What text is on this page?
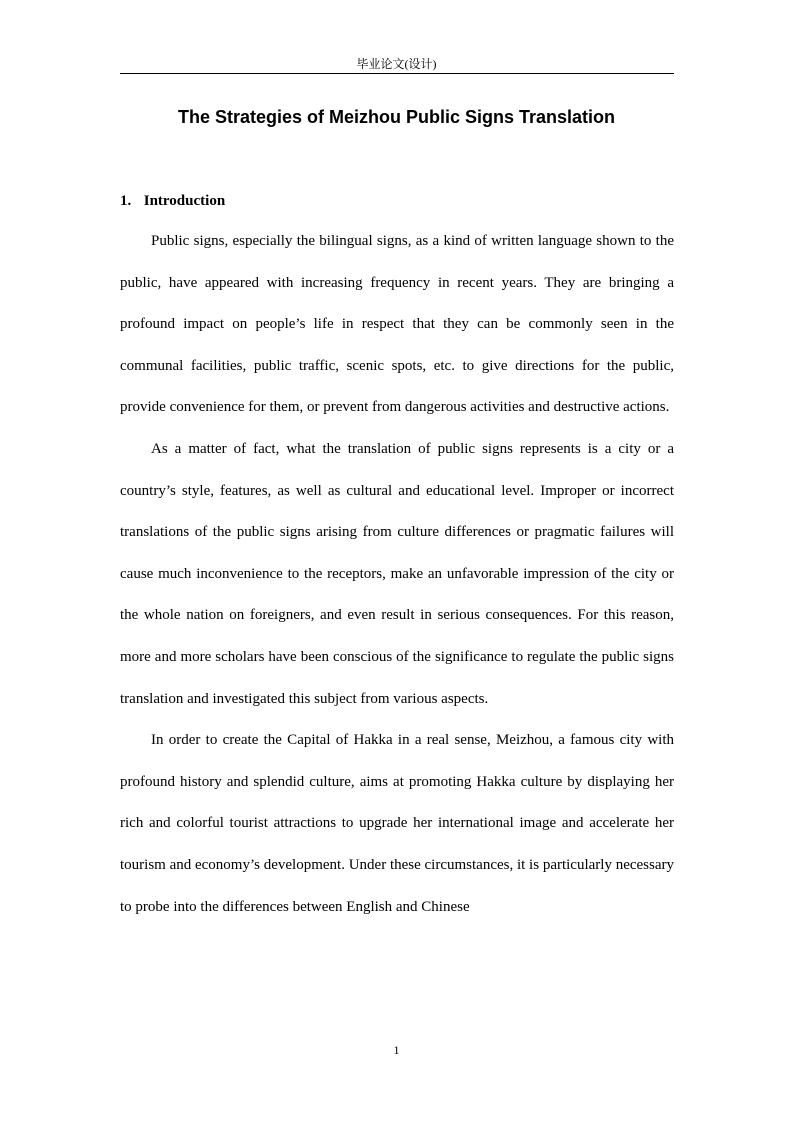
毕业论文(设计)
The Strategies of Meizhou Public Signs Translation
1. Introduction

Public signs, especially the bilingual signs, as a kind of written language shown to the public, have appeared with increasing frequency in recent years. They are bringing a profound impact on people’s life in respect that they can be commonly seen in the communal facilities, public traffic, scenic spots, etc. to give directions for the public, provide convenience for them, or prevent from dangerous activities and destructive actions.

As a matter of fact, what the translation of public signs represents is a city or a country’s style, features, as well as cultural and educational level. Improper or incorrect translations of the public signs arising from culture differences or pragmatic failures will cause much inconvenience to the receptors, make an unfavorable impression of the city or the whole nation on foreigners, and even result in serious consequences. For this reason, more and more scholars have been conscious of the significance to regulate the public signs translation and investigated this subject from various aspects.

In order to create the Capital of Hakka in a real sense, Meizhou, a famous city with profound history and splendid culture, aims at promoting Hakka culture by displaying her rich and colorful tourist attractions to upgrade her international image and accelerate her tourism and economy’s development. Under these circumstances, it is particularly necessary to probe into the differences between English and Chinese

1
